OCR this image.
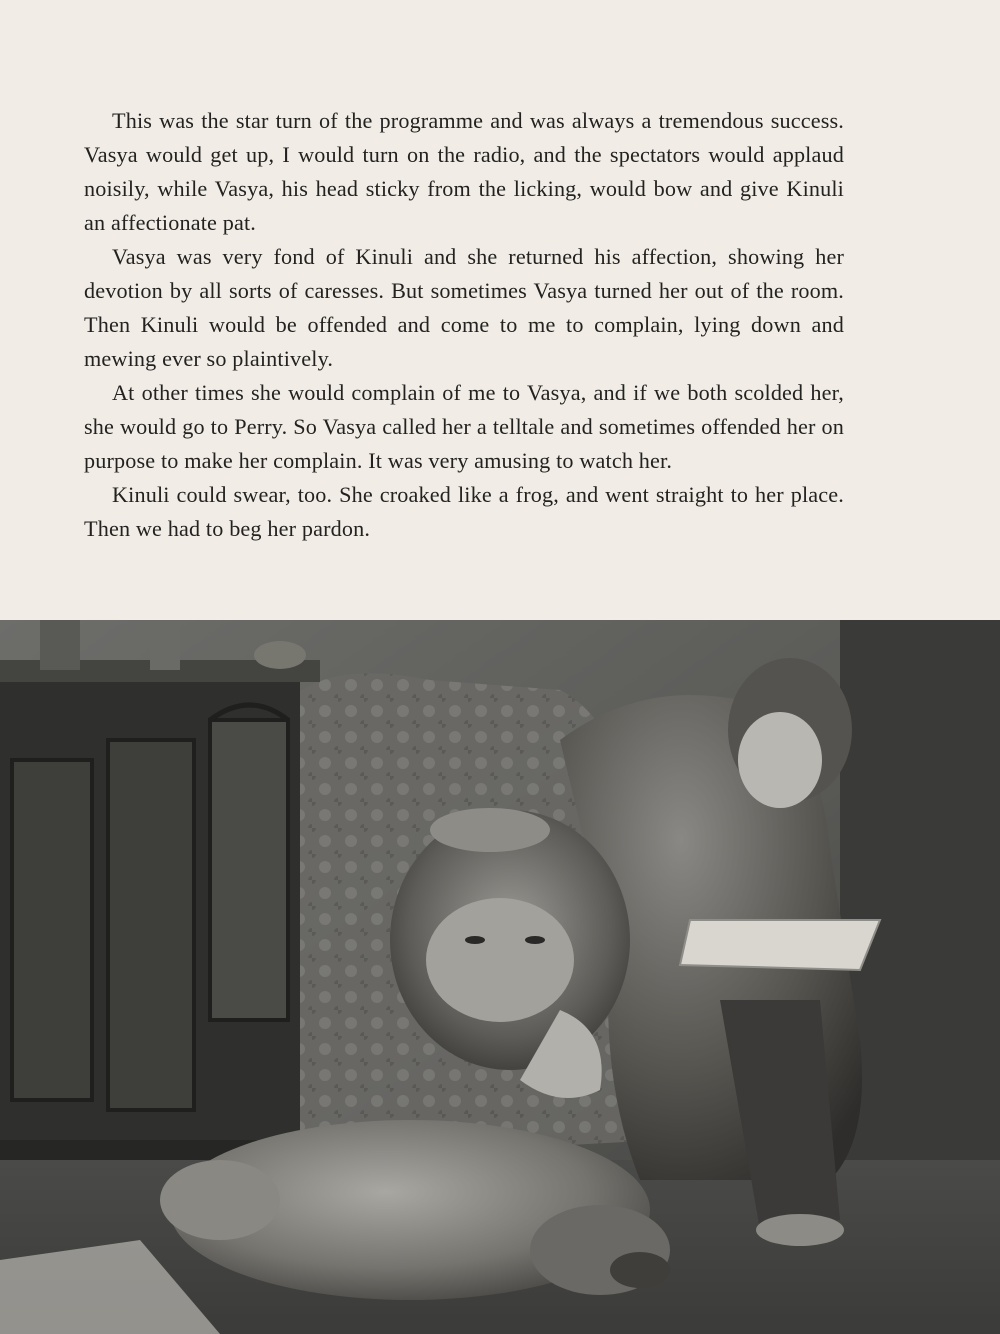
This was the star turn of the programme and was always a tremendous success. Vasya would get up, I would turn on the radio, and the spectators would applaud noisily, while Vasya, his head sticky from the licking, would bow and give Kinuli an affectionate pat.

Vasya was very fond of Kinuli and she returned his affection, showing her devotion by all sorts of caresses. But sometimes Vasya turned her out of the room. Then Kinuli would be offended and come to me to complain, lying down and mewing ever so plaintively.

At other times she would complain of me to Vasya, and if we both scolded her, she would go to Perry. So Vasya called her a telltale and sometimes offended her on purpose to make her complain. It was very amusing to watch her.

Kinuli could swear, too. She croaked like a frog, and went straight to her place. Then we had to beg her pardon.
